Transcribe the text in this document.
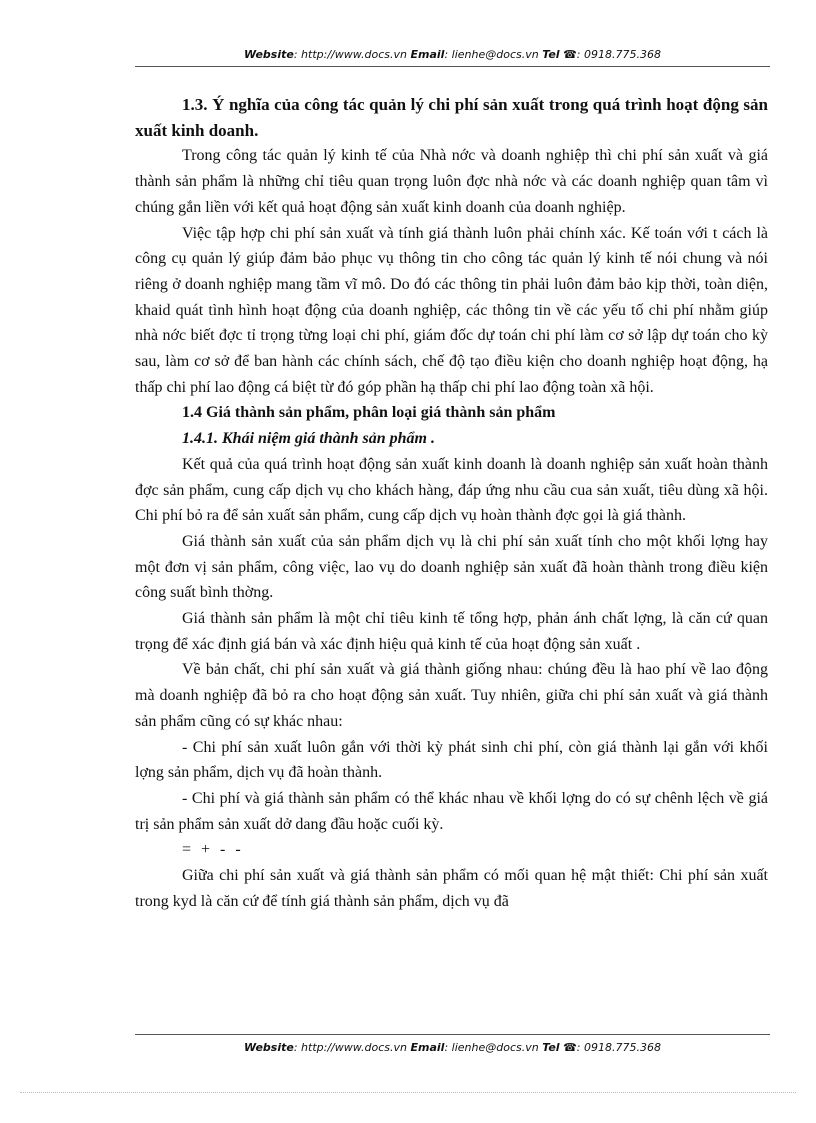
Website: http://www.docs.vn Email: lienhe@docs.vn Tel ☎: 0918.775.368

1.3. Ý nghĩa của công tác quản lý chi phí sản xuất trong quá trình hoạt động sản xuất kinh doanh.

Trong công tác quản lý kinh tế của Nhà nớc và doanh nghiệp thì chi phí sản xuất và giá thành sản phẩm là những chỉ tiêu quan trọng luôn đợc nhà nớc và các doanh nghiệp quan tâm vì chúng gắn liền với kết quả hoạt động sản xuất kinh doanh của doanh nghiệp.

Việc tập hợp chi phí sản xuất và tính giá thành luôn phải chính xác. Kế toán với t cách là công cụ quản lý giúp đảm bảo phục vụ thông tin cho công tác quản lý kinh tế nói chung và nói riêng ở doanh nghiệp mang tầm vĩ mô. Do đó các thông tin phải luôn đảm bảo kịp thời, toàn diện, khaid quát tình hình hoạt động của doanh nghiệp, các thông tin về các yếu tố chi phí nhằm giúp nhà nớc biết đợc tỉ trọng từng loại chi phí, giám đốc dự toán chi phí làm cơ sở lập dự toán cho kỳ sau, làm cơ sở để ban hành các chính sách, chế độ tạo điều kiện cho doanh nghiệp hoạt động, hạ thấp chi phí lao động cá biệt từ đó góp phần hạ thấp chi phí lao động toàn xã hội.

1.4 Giá thành sản phẩm, phân loại giá thành sản phẩm

1.4.1. Khái niệm giá thành sản phẩm .

Kết quả của quá trình hoạt động sản xuất kinh doanh là doanh nghiệp sản xuất hoàn thành đợc sản phẩm, cung cấp dịch vụ cho khách hàng, đáp ứng nhu cầu cua sản xuất, tiêu dùng xã hội. Chi phí bỏ ra để sản xuất sản phẩm, cung cấp dịch vụ hoàn thành đợc gọi là giá thành.

Giá thành sản xuất của sản phẩm dịch vụ là chi phí sản xuất tính cho một khối lợng hay một đơn vị sản phẩm, công việc, lao vụ do doanh nghiệp sản xuất đã hoàn thành trong điều kiện công suất bình thờng.

Giá thành sản phẩm là một chỉ tiêu kinh tế tổng hợp, phản ánh chất lợng, là căn cứ quan trọng để xác định giá bán và xác định hiệu quả kinh tế của hoạt động sản xuất .

Về bản chất, chi phí sản xuất và giá thành giống nhau: chúng đều là hao phí về lao động mà doanh nghiệp đã bỏ ra cho hoạt động sản xuất. Tuy nhiên, giữa chi phí sản xuất và giá thành sản phẩm cũng có sự khác nhau:

- Chi phí sản xuất luôn gắn với thời kỳ phát sinh chi phí, còn giá thành lại gắn với khối lợng sản phẩm, dịch vụ đã hoàn thành.

- Chi phí và giá thành sản phẩm có thể khác nhau về khối lợng do có sự chênh lệch về giá trị sản phẩm sản xuất dở dang đầu hoặc cuối kỳ.

= + - -

Giữa chi phí sản xuất và giá thành sản phẩm có mối quan hệ mật thiết: Chi phí sản xuất trong kyd là căn cứ để tính giá thành sản phẩm, dịch vụ đã

Website: http://www.docs.vn Email: lienhe@docs.vn Tel ☎: 0918.775.368
